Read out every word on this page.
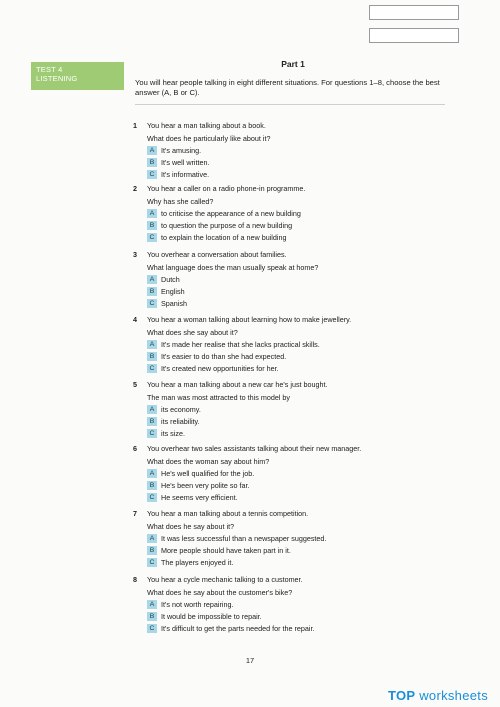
TEST 4
LISTENING
Part 1
You will hear people talking in eight different situations. For questions 1–8, choose the best answer (A, B or C).
1 You hear a man talking about a book.
What does he particularly like about it?
A It's amusing.
B It's well written.
C It's informative.
2 You hear a caller on a radio phone-in programme.
Why has she called?
A to criticise the appearance of a new building
B to question the purpose of a new building
C to explain the location of a new building
3 You overhear a conversation about families.
What language does the man usually speak at home?
A Dutch
B English
C Spanish
4 You hear a woman talking about learning how to make jewellery.
What does she say about it?
A It's made her realise that she lacks practical skills.
B It's easier to do than she had expected.
C It's created new opportunities for her.
5 You hear a man talking about a new car he's just bought.
The man was most attracted to this model by
A its economy.
B its reliability.
C its size.
6 You overhear two sales assistants talking about their new manager.
What does the woman say about him?
A He's well qualified for the job.
B He's been very polite so far.
C He seems very efficient.
7 You hear a man talking about a tennis competition.
What does he say about it?
A It was less successful than a newspaper suggested.
B More people should have taken part in it.
C The players enjoyed it.
8 You hear a cycle mechanic talking to a customer.
What does he say about the customer's bike?
A It's not worth repairing.
B It would be impossible to repair.
C It's difficult to get the parts needed for the repair.
17
TOP worksheets
